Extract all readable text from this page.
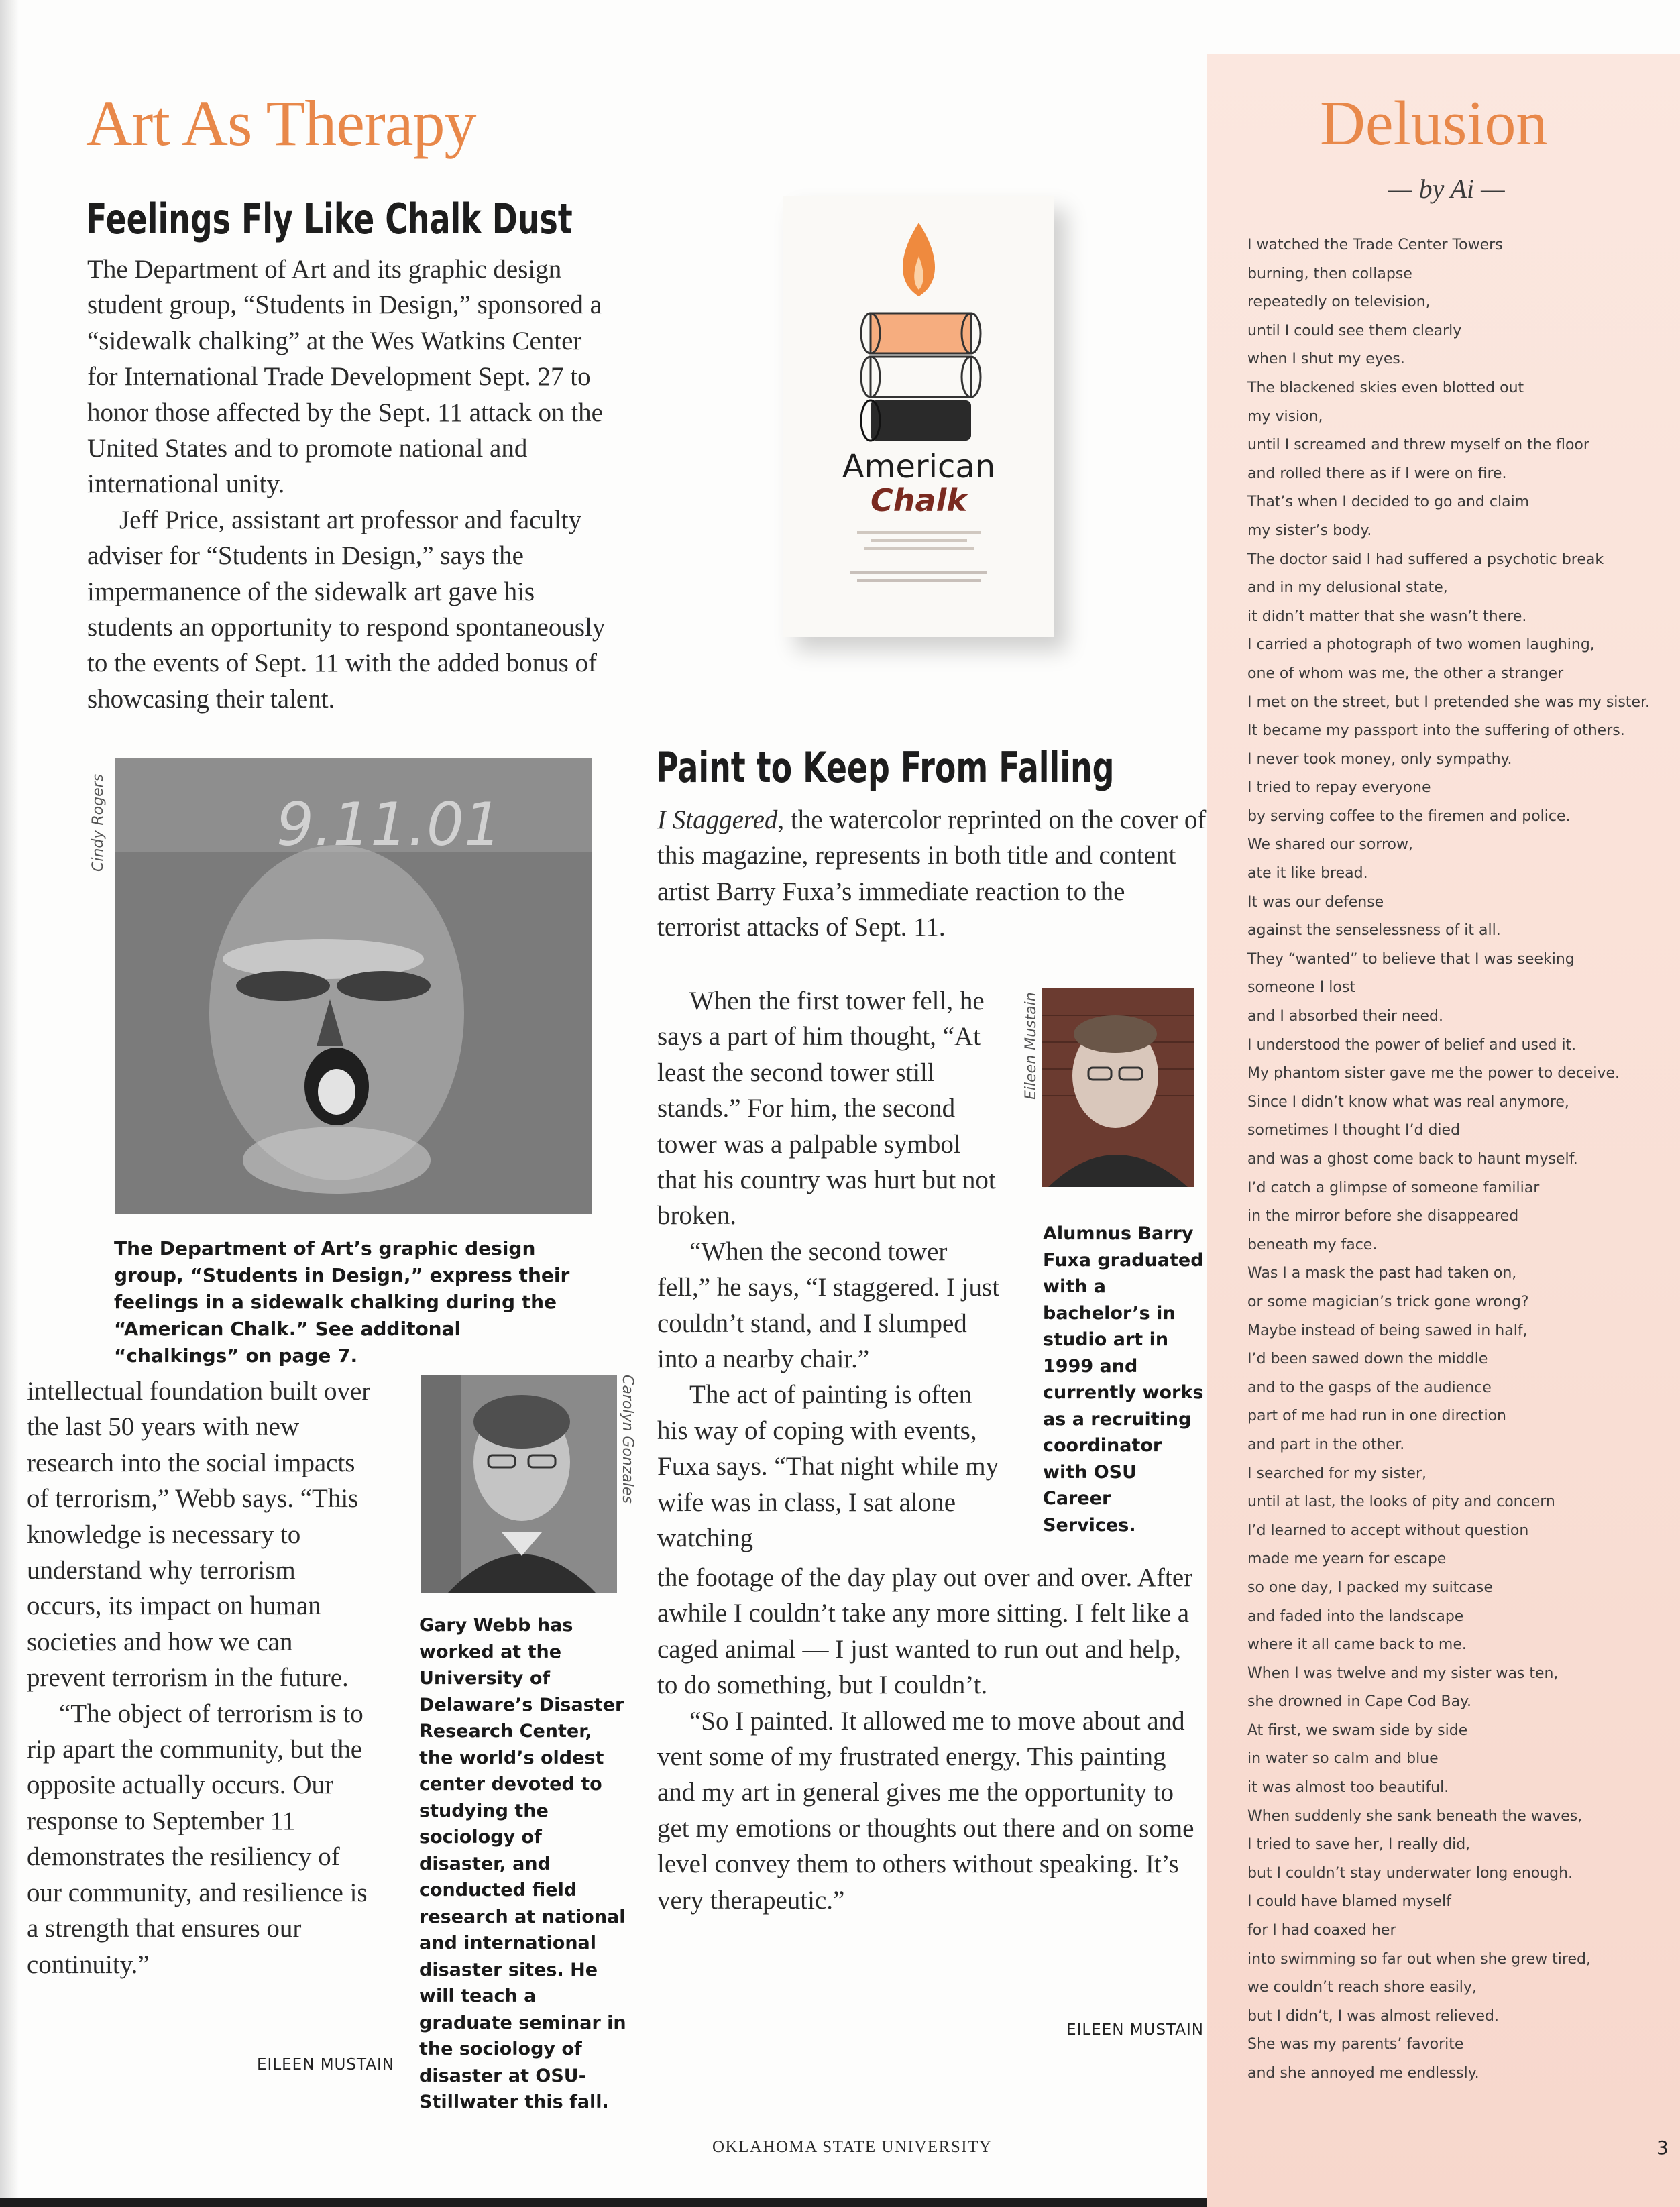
Art As Therapy
Feelings Fly Like Chalk Dust

The Department of Art and its graphic design student group, “Students in Design,” sponsored a “sidewalk chalking” at the Wes Watkins Center for International Trade Development Sept. 27 to honor those affected by the Sept. 11 attack on the United States and to promote national and international unity.

Jeff Price, assistant art professor and faculty adviser for “Students in Design,” says the impermanence of the sidewalk art gave his students an opportunity to respond spontaneously to the events of Sept. 11 with the added bonus of showcasing their talent.

9.11.01
Cindy Rogers
The Department of Art’s graphic design group, “Students in Design,” express their feelings in a sidewalk chalking during the “American Chalk.” See additonal “chalkings” on page 7.

intellectual foundation built over the last 50 years with new research into the social impacts of terrorism,” Webb says. “This knowledge is necessary to understand why terrorism occurs, its impact on human societies and how we can prevent terrorism in the future.

“The object of terrorism is to rip apart the community, but the opposite actually occurs. Our response to September 11 demonstrates the resiliency of our community, and resilience is a strength that ensures our continuity.”

EILEEN MUSTAIN
Carolyn Gonzales
Gary Webb has worked at the University of Delaware’s Disaster Research Center, the world’s oldest center devoted to studying the sociology of disaster, and conducted field research at national and international disaster sites. He will teach a graduate seminar in the sociology of disaster at OSU-Stillwater this fall.
American
Chalk
Paint to Keep From Falling

I Staggered, the watercolor reprinted on the cover of this magazine, represents in both title and content artist Barry Fuxa’s immediate reaction to the terrorist attacks of Sept. 11.

When the first tower fell, he says a part of him thought, “At least the second tower still stands.” For him, the second tower was a palpable symbol that his country was hurt but not broken.

“When the second tower fell,” he says, “I staggered. I just couldn’t stand, and I slumped into a nearby chair.”

The act of painting is often his way of coping with events, Fuxa says. “That night while my wife was in class, I sat alone watching

the footage of the day play out over and over. After awhile I couldn’t take any more sitting. I felt like a caged animal — I just wanted to run out and help, to do something, but I couldn’t.

“So I painted. It allowed me to move about and vent some of my frustrated energy. This painting and my art in general gives me the opportunity to get my emotions or thoughts out there and on some level convey them to others without speaking. It’s very therapeutic.”

EILEEN MUSTAIN
Eileen Mustain
Alumnus Barry Fuxa graduated with a bachelor’s in studio art in 1999 and currently works as a recruiting coordinator with OSU Career Services.
Delusion
— by Ai —
I watched the Trade Center Towers
burning, then collapse
repeatedly on television,
until I could see them clearly
when I shut my eyes.
The blackened skies even blotted out
my vision,
until I screamed and threw myself on the floor
and rolled there as if I were on fire.
That’s when I decided to go and claim
my sister’s body.
The doctor said I had suffered a psychotic break
and in my delusional state,
it didn’t matter that she wasn’t there.
I carried a photograph of two women laughing,
one of whom was me, the other a stranger
I met on the street, but I pretended she was my sister.
It became my passport into the suffering of others.
I never took money, only sympathy.
I tried to repay everyone
by serving coffee to the firemen and police.
We shared our sorrow,
ate it like bread.
It was our defense
against the senselessness of it all.
They “wanted” to believe that I was seeking
someone I lost
and I absorbed their need.
I understood the power of belief and used it.
My phantom sister gave me the power to deceive.
Since I didn’t know what was real anymore,
sometimes I thought I’d died
and was a ghost come back to haunt myself.
I’d catch a glimpse of someone familiar
in the mirror before she disappeared
beneath my face.
Was I a mask the past had taken on,
or some magician’s trick gone wrong?
Maybe instead of being sawed in half,
I’d been sawed down the middle
and to the gasps of the audience
part of me had run in one direction
and part in the other.
I searched for my sister,
until at last, the looks of pity and concern
I’d learned to accept without question
made me yearn for escape
so one day, I packed my suitcase
and faded into the landscape
where it all came back to me.
When I was twelve and my sister was ten,
she drowned in Cape Cod Bay.
At first, we swam side by side
in water so calm and blue
it was almost too beautiful.
When suddenly she sank beneath the waves,
I tried to save her, I really did,
but I couldn’t stay underwater long enough.
I could have blamed myself
for I had coaxed her
into swimming so far out when she grew tired,
we couldn’t reach shore easily,
but I didn’t, I was almost relieved.
She was my parents’ favorite
and she annoyed me endlessly.
OKLAHOMA STATE UNIVERSITY	3
